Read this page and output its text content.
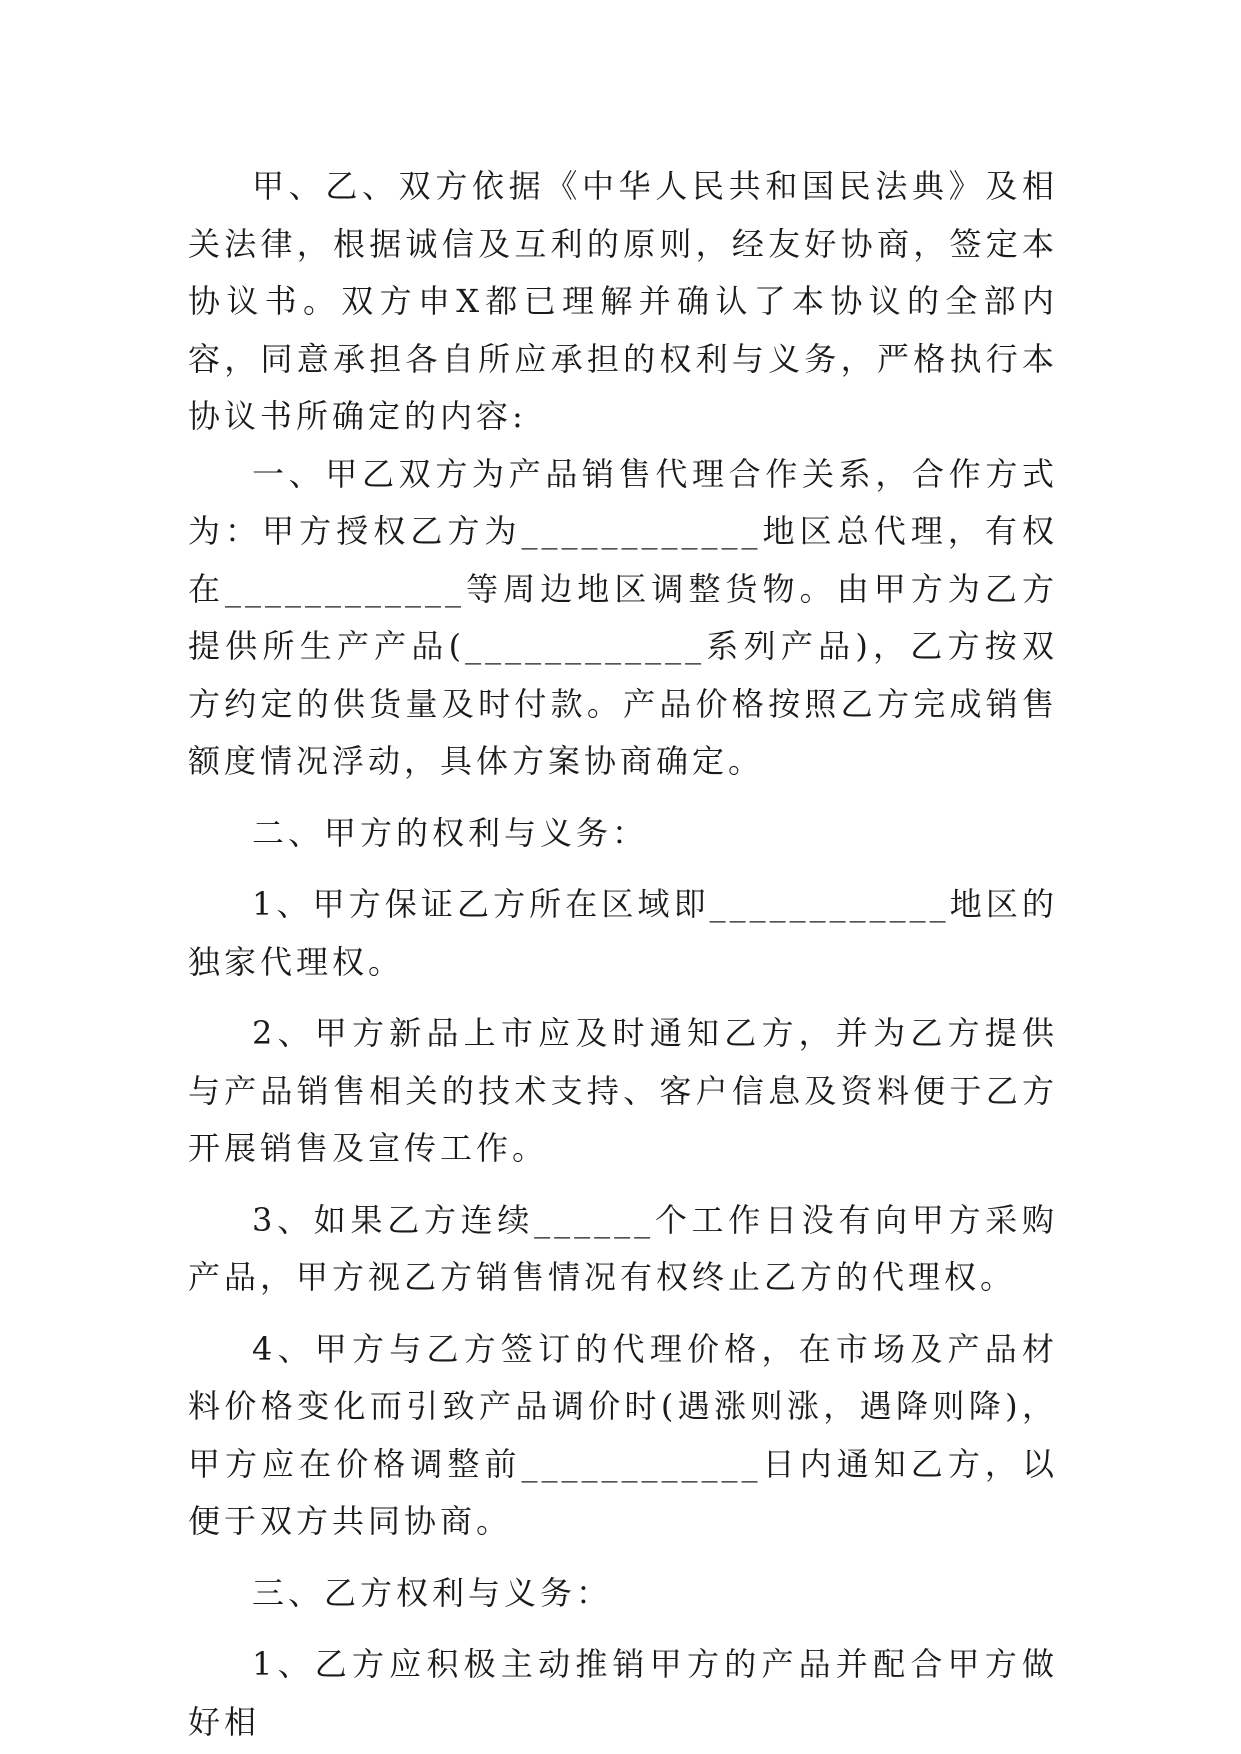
甲、乙、双方依据《中华人民共和国民法典》及相关法律，根据诚信及互利的原则，经友好协商，签定本协议书。双方申X都已理解并确认了本协议的全部内容，同意承担各自所应承担的权利与义务，严格执行本协议书所确定的内容:

一、甲乙双方为产品销售代理合作关系，合作方式为：甲方授权乙方为____________地区总代理，有权在____________等周边地区调整货物。由甲方为乙方提供所生产产品(____________系列产品)，乙方按双方约定的供货量及时付款。产品价格按照乙方完成销售额度情况浮动，具体方案协商确定。

二、甲方的权利与义务：

1、甲方保证乙方所在区域即____________地区的独家代理权。

2、甲方新品上市应及时通知乙方，并为乙方提供与产品销售相关的技术支持、客户信息及资料便于乙方开展销售及宣传工作。

3、如果乙方连续______个工作日没有向甲方采购产品，甲方视乙方销售情况有权终止乙方的代理权。

4、甲方与乙方签订的代理价格，在市场及产品材料价格变化而引致产品调价时(遇涨则涨，遇降则降)，甲方应在价格调整前____________日内通知乙方，以便于双方共同协商。

三、乙方权利与义务：

1、乙方应积极主动推销甲方的产品并配合甲方做好相
